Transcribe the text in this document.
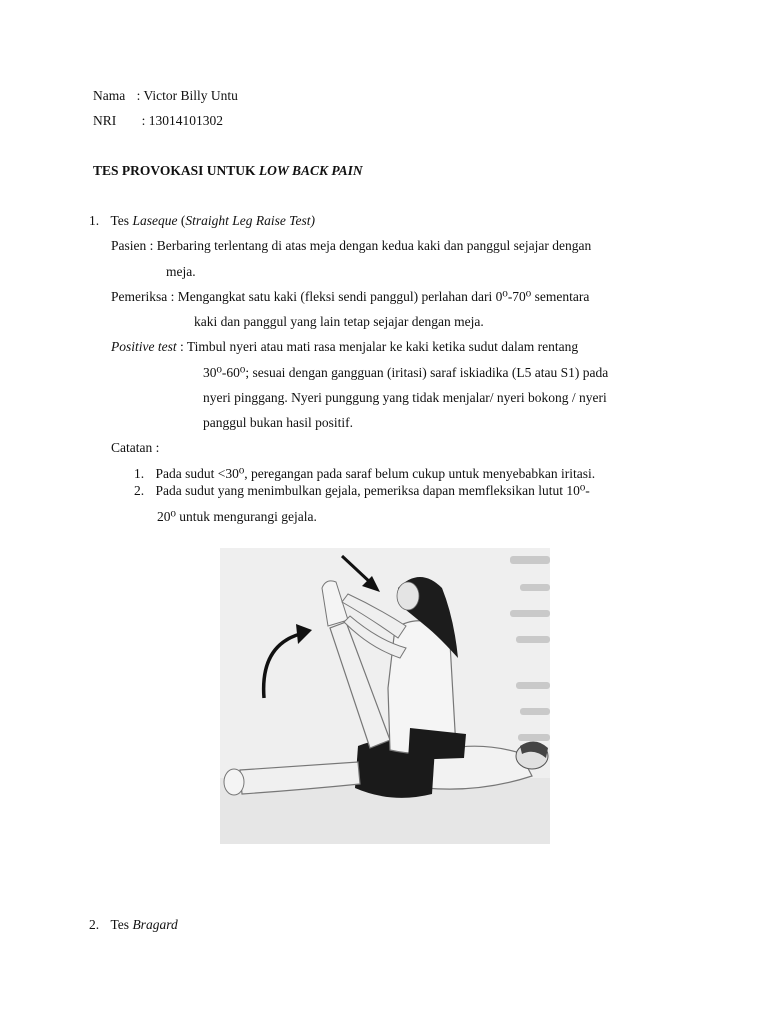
Nama : Victor Billy Untu
NRI : 13014101302
TES PROVOKASI UNTUK LOW BACK PAIN
1. Tes Laseque (Straight Leg Raise Test)
Pasien : Berbaring terlentang di atas meja dengan kedua kaki dan panggul sejajar dengan
meja.
Pemeriksa : Mengangkat satu kaki (fleksi sendi panggul) perlahan dari 0⁰-70⁰ sementara
kaki dan panggul yang lain tetap sejajar dengan meja.
Positive test : Timbul nyeri atau mati rasa menjalar ke kaki ketika sudut dalam rentang
30⁰-60⁰; sesuai dengan gangguan (iritasi) saraf iskiadika (L5 atau S1) pada
nyeri pinggang. Nyeri punggung yang tidak menjalar/ nyeri bokong / nyeri
panggul bukan hasil positif.
Catatan :
1. Pada sudut <30⁰, peregangan pada saraf belum cukup untuk menyebabkan iritasi.
2. Pada sudut yang menimbulkan gejala, pemeriksa dapan memfleksikan lutut 10⁰-
20⁰ untuk mengurangi gejala.
2. Tes Bragard
